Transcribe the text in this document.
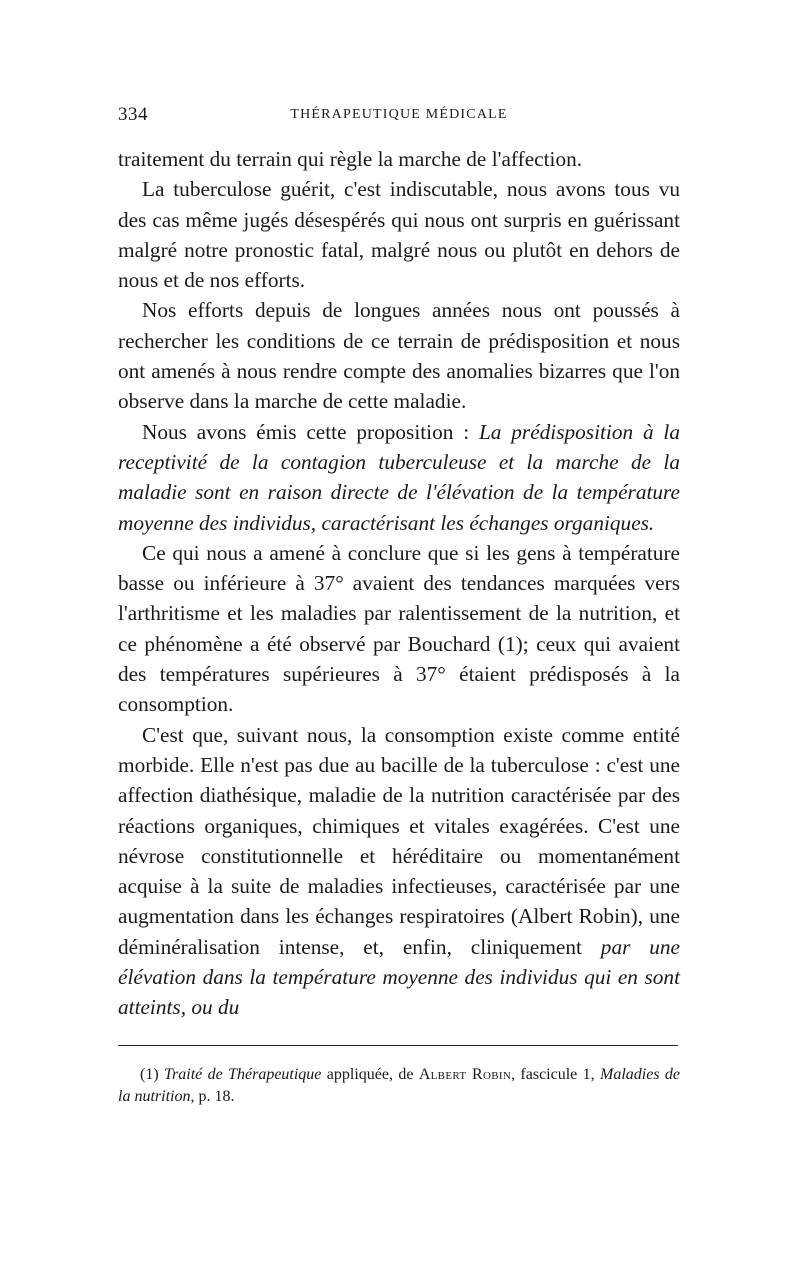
334	THÉRAPEUTIQUE MÉDICALE

traitement du terrain qui règle la marche de l'affection.

La tuberculose guérit, c'est indiscutable, nous avons tous vu des cas même jugés désespérés qui nous ont surpris en guérissant malgré notre pronostic fatal, malgré nous ou plutôt en dehors de nous et de nos efforts.

Nos efforts depuis de longues années nous ont poussés à rechercher les conditions de ce terrain de prédisposition et nous ont amenés à nous rendre compte des anomalies bizarres que l'on observe dans la marche de cette maladie.

Nous avons émis cette proposition : La prédisposition à la receptivité de la contagion tuberculeuse et la marche de la maladie sont en raison directe de l'élévation de la température moyenne des individus, caractérisant les échanges organiques.

Ce qui nous a amené à conclure que si les gens à température basse ou inférieure à 37° avaient des tendances marquées vers l'arthritisme et les maladies par ralentissement de la nutrition, et ce phénomène a été observé par Bouchard (1); ceux qui avaient des températures supérieures à 37° étaient prédisposés à la consomption.

C'est que, suivant nous, la consomption existe comme entité morbide. Elle n'est pas due au bacille de la tuberculose : c'est une affection diathésique, maladie de la nutrition caractérisée par des réactions organiques, chimiques et vitales exagérées. C'est une névrose constitutionnelle et héréditaire ou momentanément acquise à la suite de maladies infectieuses, caractérisée par une augmentation dans les échanges respiratoires (Albert Robin), une déminéralisation intense, et, enfin, cliniquement par une élévation dans la température moyenne des individus qui en sont atteints, ou du

(1) Traité de Thérapeutique appliquée, de Albert Robin, fascicule 1, Maladies de la nutrition, p. 18.
